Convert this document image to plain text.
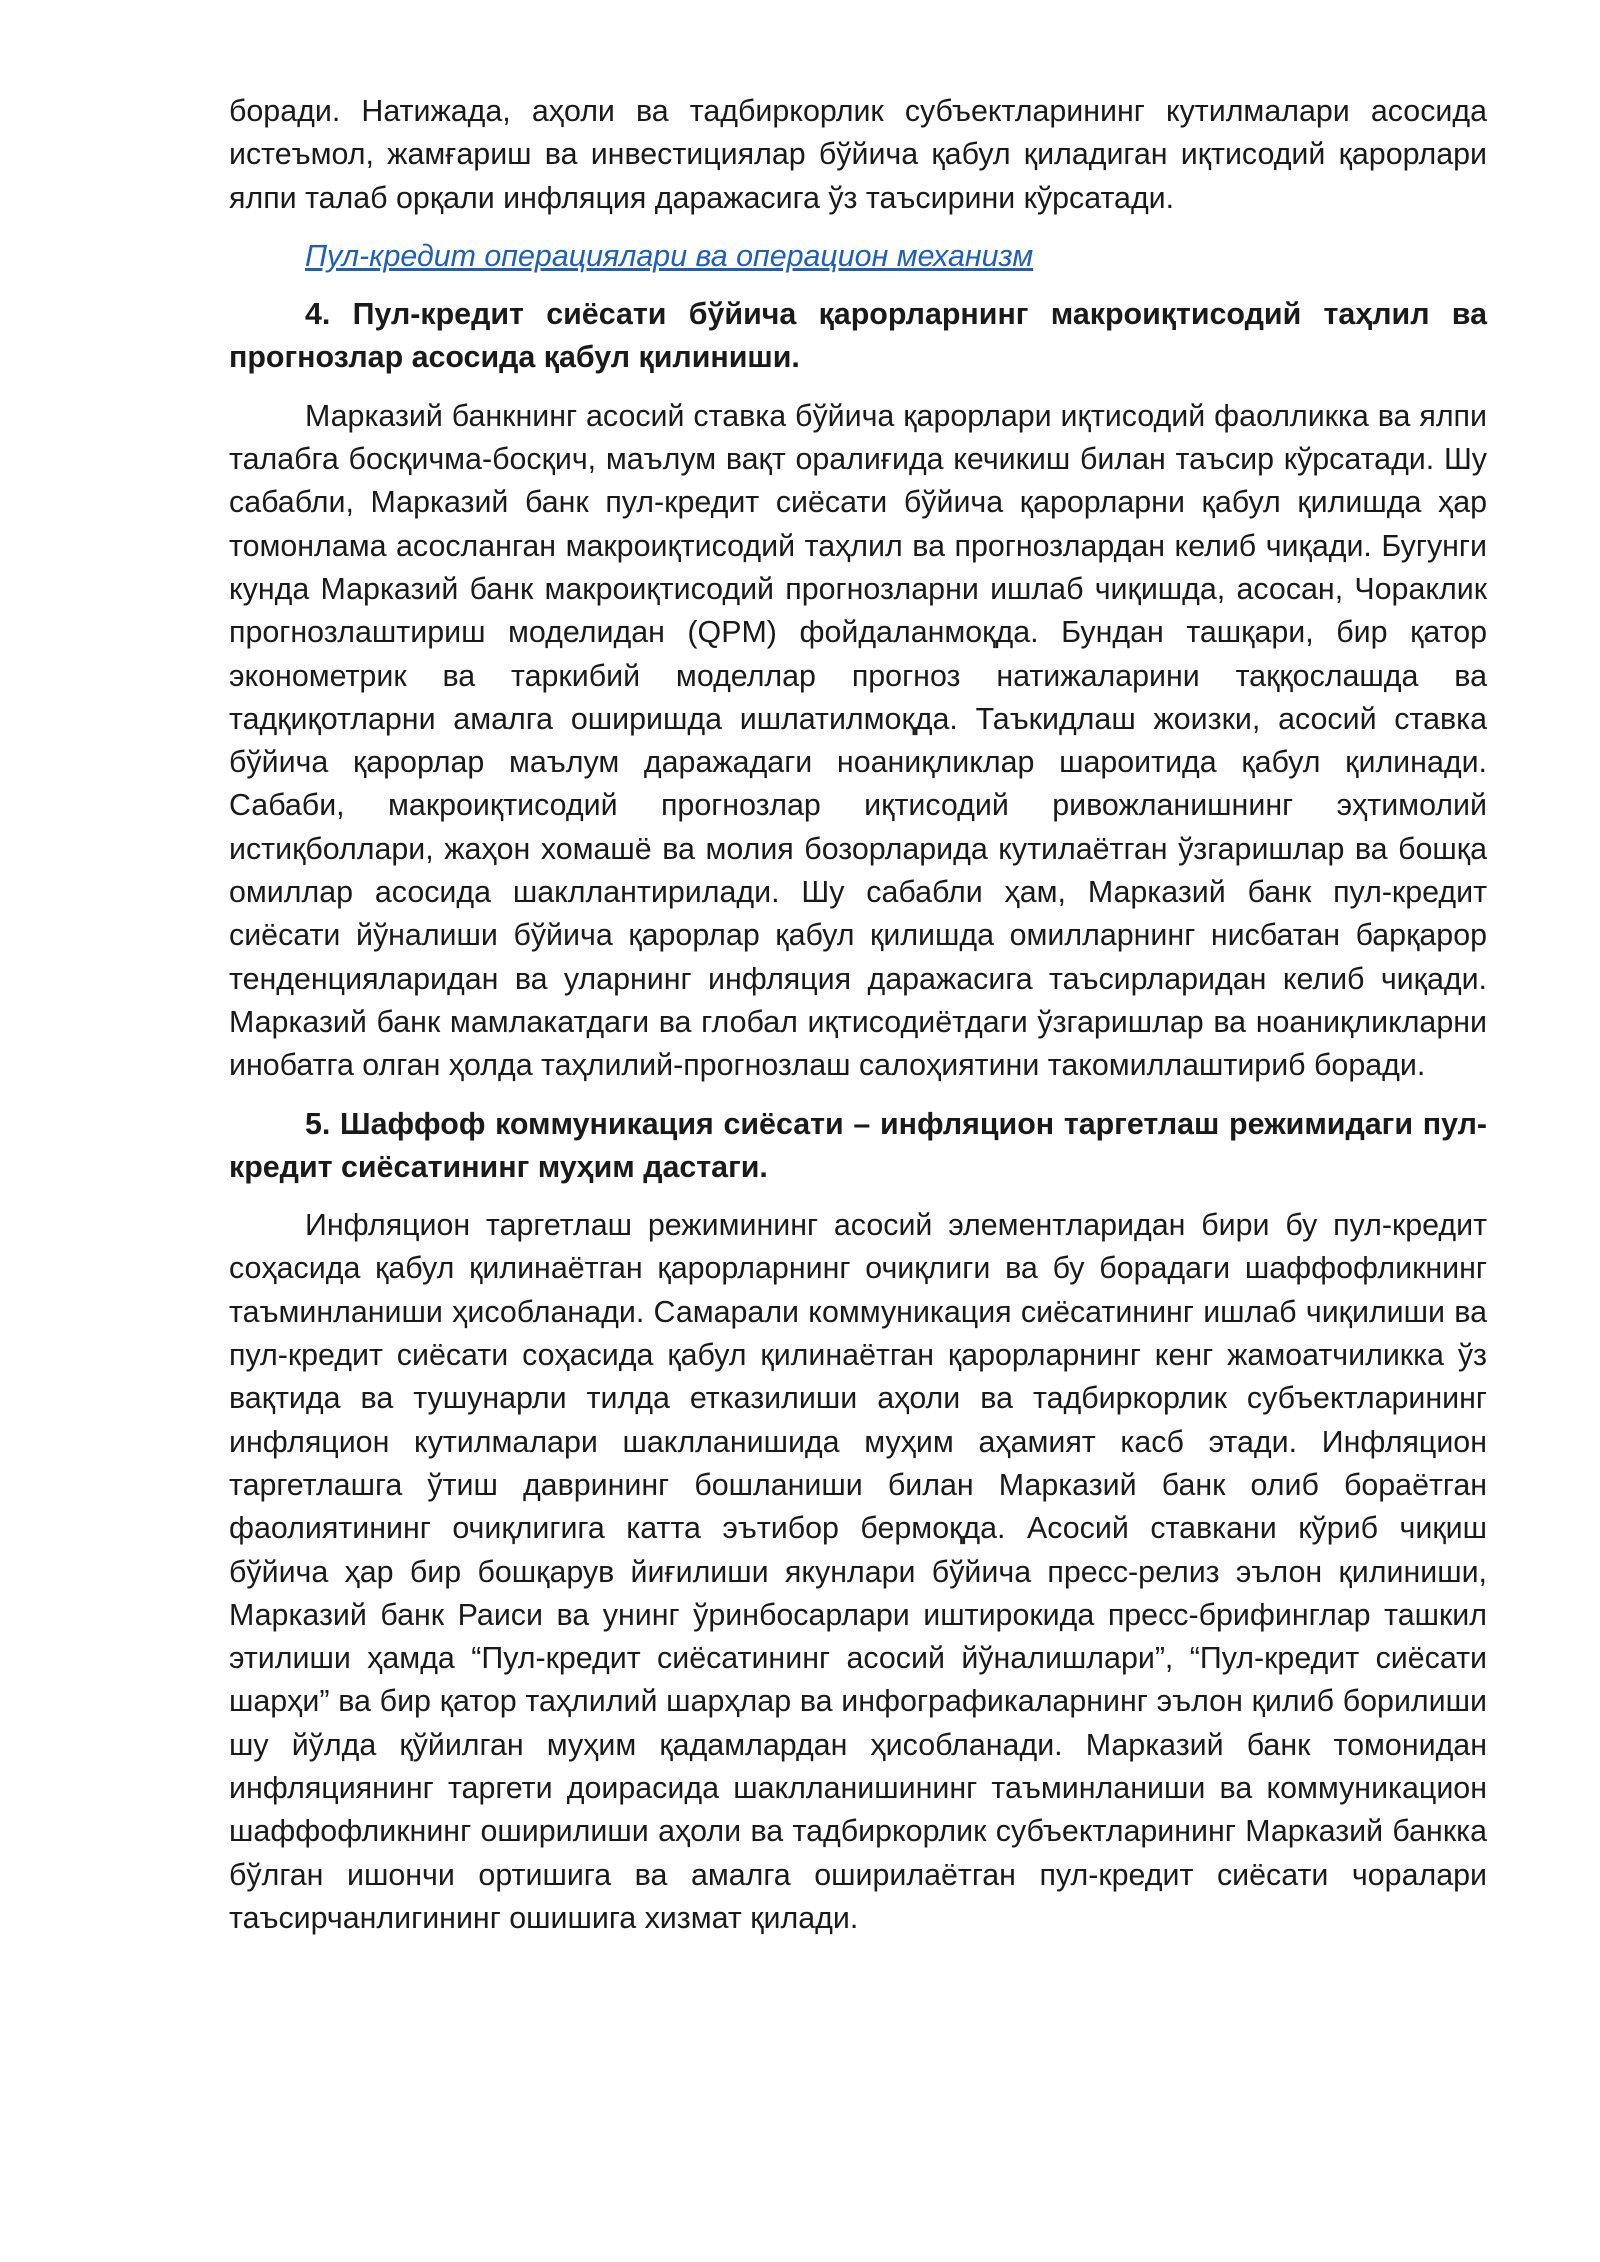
боради. Натижада, аҳоли ва тадбиркорлик субъектларининг кутилмалари асосида истеъмол, жамғариш ва инвестициялар бўйича қабул қиладиган иқтисодий қарорлари ялпи талаб орқали инфляция даражасига ўз таъсирини кўрсатади.

Пул-кредит операциялари ва операцион механизм

4. Пул-кредит сиёсати бўйича қарорларнинг макроиқтисодий таҳлил ва прогнозлар асосида қабул қилиниши.

Марказий банкнинг асосий ставка бўйича қарорлари иқтисодий фаолликка ва ялпи талабга босқичма-босқич, маълум вақт оралиғида кечикиш билан таъсир кўрсатади. Шу сабабли, Марказий банк пул-кредит сиёсати бўйича қарорларни қабул қилишда ҳар томонлама асосланган макроиқтисодий таҳлил ва прогнозлардан келиб чиқади. Бугунги кунда Марказий банк макроиқтисодий прогнозларни ишлаб чиқишда, асосан, Чораклик прогнозлаштириш моделидан (QPM) фойдаланмоқда. Бундан ташқари, бир қатор эконометрик ва таркибий моделлар прогноз натижаларини таққослашда ва тадқиқотларни амалга оширишда ишлатилмоқда. Таъкидлаш жоизки, асосий ставка бўйича қарорлар маълум даражадаги ноаниқликлар шароитида қабул қилинади. Сабаби, макроиқтисодий прогнозлар иқтисодий ривожланишнинг эҳтимолий истиқболлари, жаҳон хомашё ва молия бозорларида кутилаётган ўзгаришлар ва бошқа омиллар асосида шакллантирилади. Шу сабабли ҳам, Марказий банк пул-кредит сиёсати йўналиши бўйича қарорлар қабул қилишда омилларнинг нисбатан барқарор тенденцияларидан ва уларнинг инфляция даражасига таъсирларидан келиб чиқади. Марказий банк мамлакатдаги ва глобал иқтисодиётдаги ўзгаришлар ва ноаниқликларни инобатга олган ҳолда таҳлилий-прогнозлаш салоҳиятини такомиллаштириб боради.

5. Шаффоф коммуникация сиёсати – инфляцион таргетлаш режимидаги пул-кредит сиёсатининг муҳим дастаги.

Инфляцион таргетлаш режимининг асосий элементларидан бири бу пул-кредит соҳасида қабул қилинаётган қарорларнинг очиқлиги ва бу борадаги шаффофликнинг таъминланиши ҳисобланади. Самарали коммуникация сиёсатининг ишлаб чиқилиши ва пул-кредит сиёсати соҳасида қабул қилинаётган қарорларнинг кенг жамоатчиликка ўз вақтида ва тушунарли тилда етказилиши аҳоли ва тадбиркорлик субъектларининг инфляцион кутилмалари шаклланишида муҳим аҳамият касб этади. Инфляцион таргетлашга ўтиш даврининг бошланиши билан Марказий банк олиб бораётган фаолиятининг очиқлигига катта эътибор бермоқда. Асосий ставкани кўриб чиқиш бўйича ҳар бир бошқарув йиғилиши якунлари бўйича пресс-релиз эълон қилиниши, Марказий банк Раиси ва унинг ўринбосарлари иштирокида пресс-брифинглар ташкил этилиши ҳамда “Пул-кредит сиёсатининг асосий йўналишлари”, “Пул-кредит сиёсати шарҳи” ва бир қатор таҳлилий шарҳлар ва инфографикаларнинг эълон қилиб борилиши шу йўлда қўйилган муҳим қадамлардан ҳисобланади. Марказий банк томонидан инфляциянинг таргети доирасида шаклланишининг таъминланиши ва коммуникацион шаффофликнинг оширилиши аҳоли ва тадбиркорлик субъектларининг Марказий банкка бўлган ишончи ортишига ва амалга оширилаётган пул-кредит сиёсати чоралари таъсирчанлигининг ошишига хизмат қилади.
